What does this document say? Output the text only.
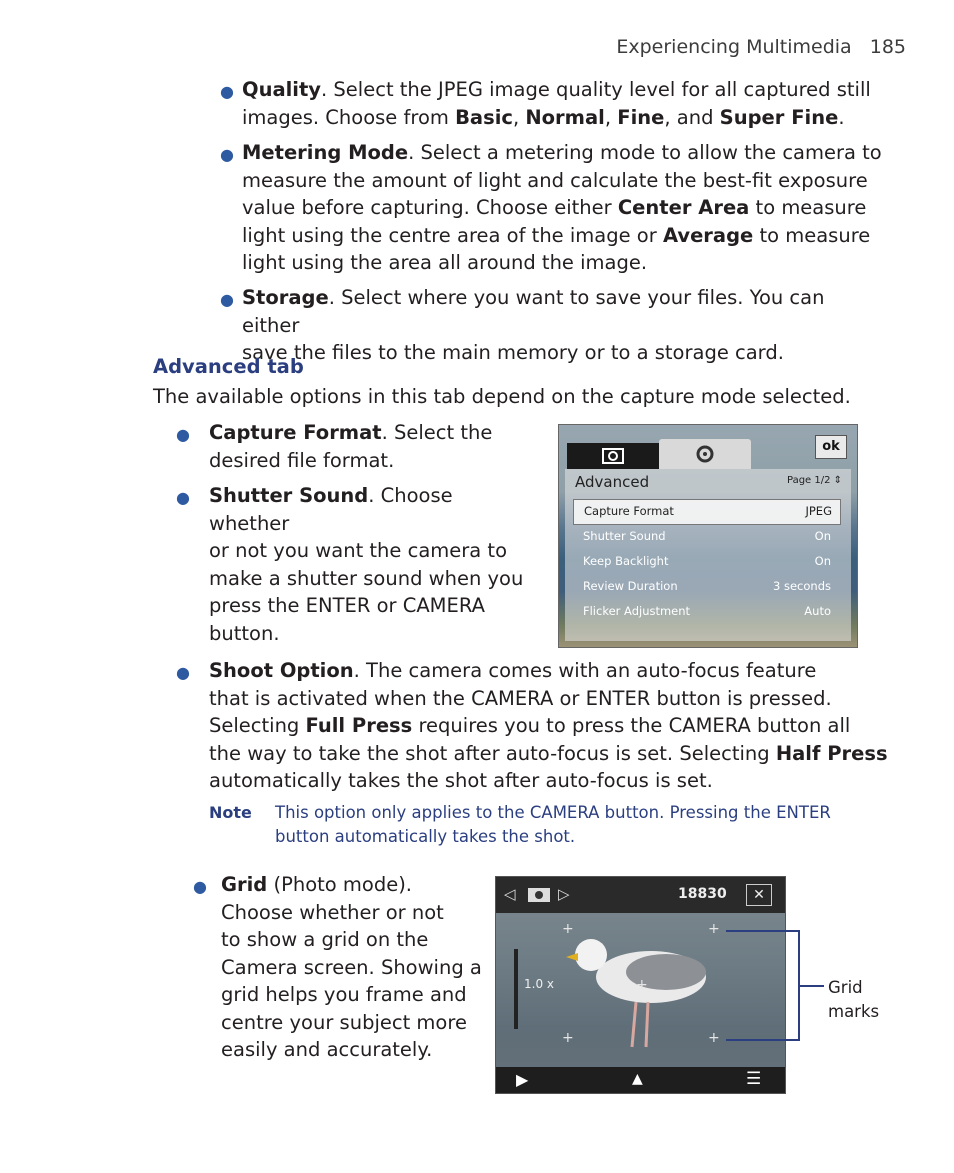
Experiencing Multimedia 185
● Quality. Select the JPEG image quality level for all captured still
images. Choose from Basic, Normal, Fine, and Super Fine.
● Metering Mode. Select a metering mode to allow the camera to
measure the amount of light and calculate the best-fit exposure
value before capturing. Choose either Center Area to measure
light using the centre area of the image or Average to measure
light using the area all around the image.
● Storage. Select where you want to save your files. You can either
save the files to the main memory or to a storage card.
Advanced tab
The available options in this tab depend on the capture mode selected.
● Capture Format. Select the
desired file format.
● Shutter Sound. Choose whether
or not you want the camera to
make a shutter sound when you
press the ENTER or CAMERA
button.
ok
Advanced	Page 1/2 ⇕
Capture Format	JPEG
Shutter Sound	On
Keep Backlight	On
Review Duration	3 seconds
Flicker Adjustment	Auto
● Shoot Option. The camera comes with an auto-focus feature
that is activated when the CAMERA or ENTER button is pressed.
Selecting Full Press requires you to press the CAMERA button all
the way to take the shot after auto-focus is set. Selecting Half Press
automatically takes the shot after auto-focus is set.
Note This option only applies to the CAMERA button. Pressing the ENTER
button automatically takes the shot.
● Grid (Photo mode).
Choose whether or not
to show a grid on the
Camera screen. Showing a
grid helps you frame and
centre your subject more
easily and accurately.
◁	▷	18830	✕
+	+
+
+	+
1.0 x
▶	▲	☰
Grid
marks
